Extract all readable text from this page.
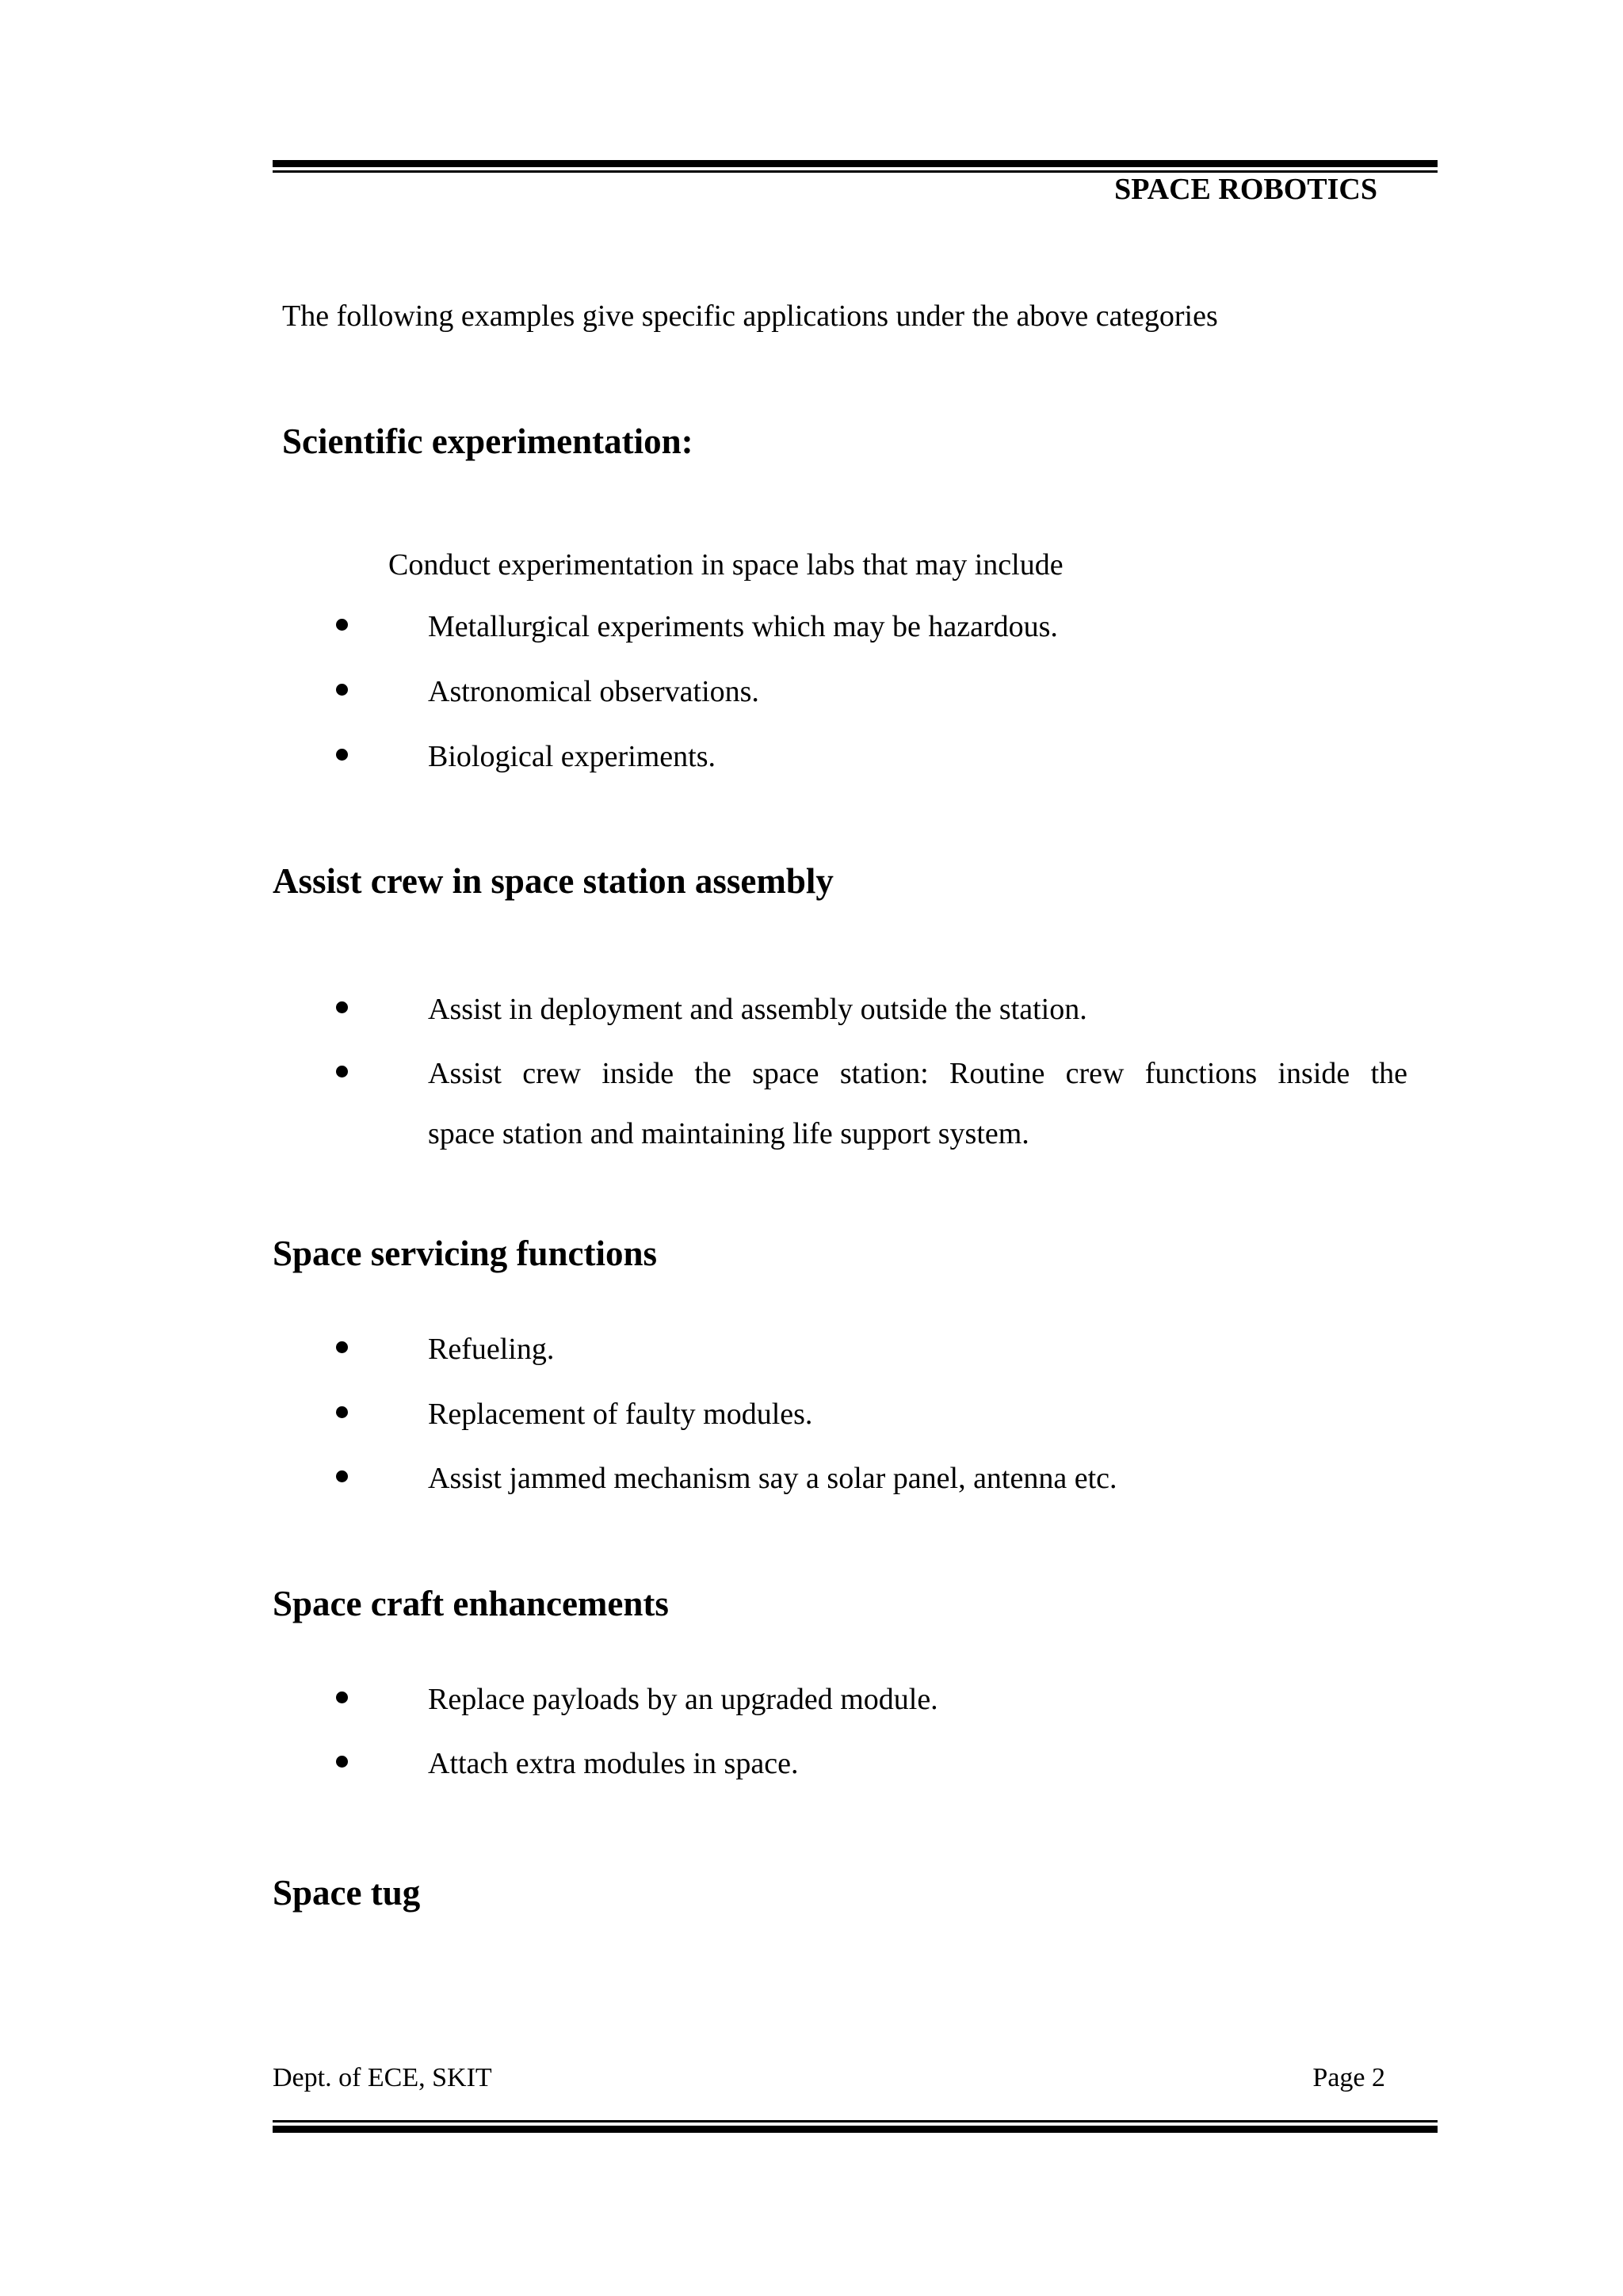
SPACE ROBOTICS
The following examples give specific applications under the above categories
Scientific experimentation:
Conduct experimentation in space labs that may include
Metallurgical experiments which may be hazardous.
Astronomical observations.
Biological experiments.
Assist crew in space station assembly
Assist in deployment and assembly outside the station.
Assist crew inside the space station: Routine crew functions inside the
space station and maintaining life support system.
Space servicing functions
Refueling.
Replacement of faulty modules.
Assist jammed mechanism say a solar panel, antenna etc.
Space craft enhancements
Replace payloads by an upgraded module.
Attach extra modules in space.
Space tug
Dept. of ECE, SKIT	Page 2
